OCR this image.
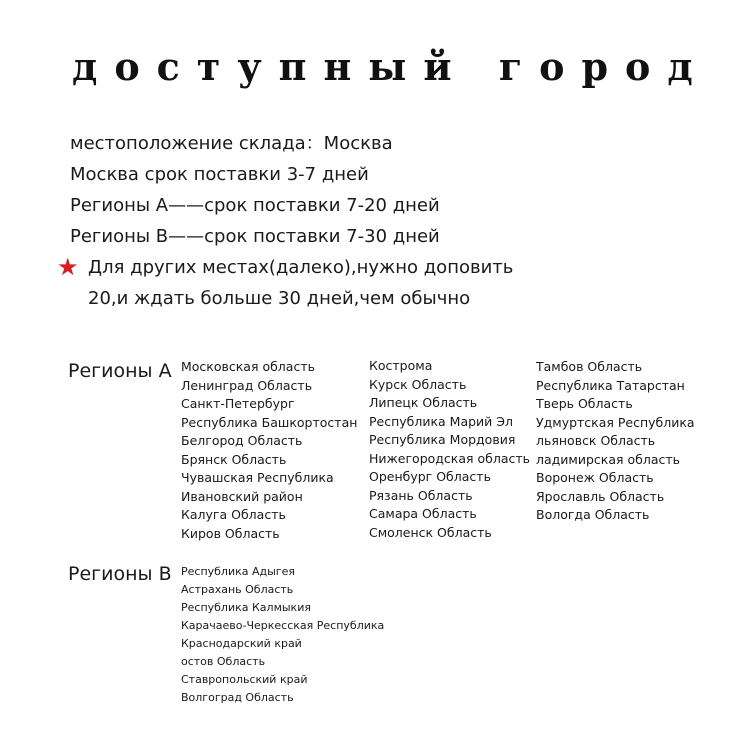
доступный город
местоположение склада：Москва
Москва срок поставки 3-7 дней
Регионы A——срок поставки 7-20 дней
Регионы B——срок поставки 7-30 дней
★ Для других местах(далеко),нужно доповить
20,и ждать больше 30 дней,чем обычно
Регионы A Московская область
Ленинград Область
Санкт-Петербург
Республика Башкортостан
Белгород Область
Брянск Область
Чувашская Республика
Ивановский район
Калуга Область
Киров Область
Кострома
Курск Область
Липецк Область
Республика Марий Эл
Республика Мордовия
Нижегородская область
Оренбург Область
Рязань Область
Самара Область
Смоленск Область
Тамбов Область
Республика Татарстан
Тверь Область
Удмуртская Республика
льяновск Область
ладимирская область
Воронеж Область
Ярославль Область
Вологда Область
Регионы B Республика Адыгея
Астрахань Область
Республика Калмыкия
Карачаево-Черкесская Республика
Краснодарский край
остов Область
Ставропольский край
Волгоград Область
